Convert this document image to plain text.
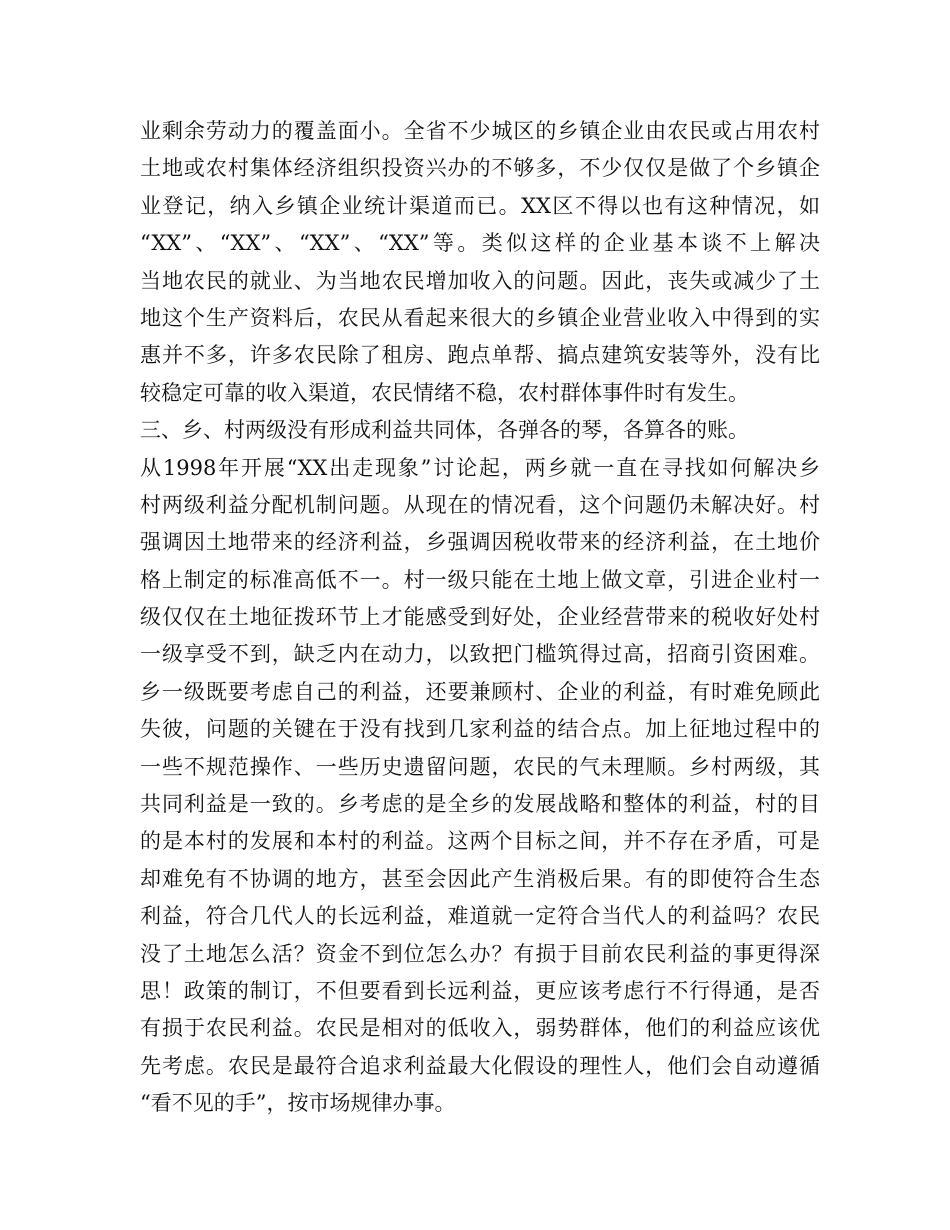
业剩余劳动力的覆盖面小。全省不少城区的乡镇企业由农民或占用农村
土地或农村集体经济组织投资兴办的不够多，不少仅仅是做了个乡镇企
业登记，纳入乡镇企业统计渠道而已。XX区不得以也有这种情况，如
“XX”、“XX”、“XX”、“XX”等。类似这样的企业基本谈不上解决
当地农民的就业、为当地农民增加收入的问题。因此，丧失或减少了土
地这个生产资料后，农民从看起来很大的乡镇企业营业收入中得到的实
惠并不多，许多农民除了租房、跑点单帮、搞点建筑安装等外，没有比
较稳定可靠的收入渠道，农民情绪不稳，农村群体事件时有发生。
三、乡、村两级没有形成利益共同体，各弹各的琴，各算各的账。
从1998年开展“XX出走现象”讨论起，两乡就一直在寻找如何解决乡
村两级利益分配机制问题。从现在的情况看，这个问题仍未解决好。村
强调因土地带来的经济利益，乡强调因税收带来的经济利益，在土地价
格上制定的标准高低不一。村一级只能在土地上做文章，引进企业村一
级仅仅在土地征拨环节上才能感受到好处，企业经营带来的税收好处村
一级享受不到，缺乏内在动力，以致把门槛筑得过高，招商引资困难。
乡一级既要考虑自己的利益，还要兼顾村、企业的利益，有时难免顾此
失彼，问题的关键在于没有找到几家利益的结合点。加上征地过程中的
一些不规范操作、一些历史遗留问题，农民的气未理顺。乡村两级，其
共同利益是一致的。乡考虑的是全乡的发展战略和整体的利益，村的目
的是本村的发展和本村的利益。这两个目标之间，并不存在矛盾，可是
却难免有不协调的地方，甚至会因此产生消极后果。有的即使符合生态
利益，符合几代人的长远利益，难道就一定符合当代人的利益吗？农民
没了土地怎么活？资金不到位怎么办？有损于目前农民利益的事更得深
思！政策的制订，不但要看到长远利益，更应该考虑行不行得通，是否
有损于农民利益。农民是相对的低收入，弱势群体，他们的利益应该优
先考虑。农民是最符合追求利益最大化假设的理性人，他们会自动遵循
“看不见的手”，按市场规律办事。
